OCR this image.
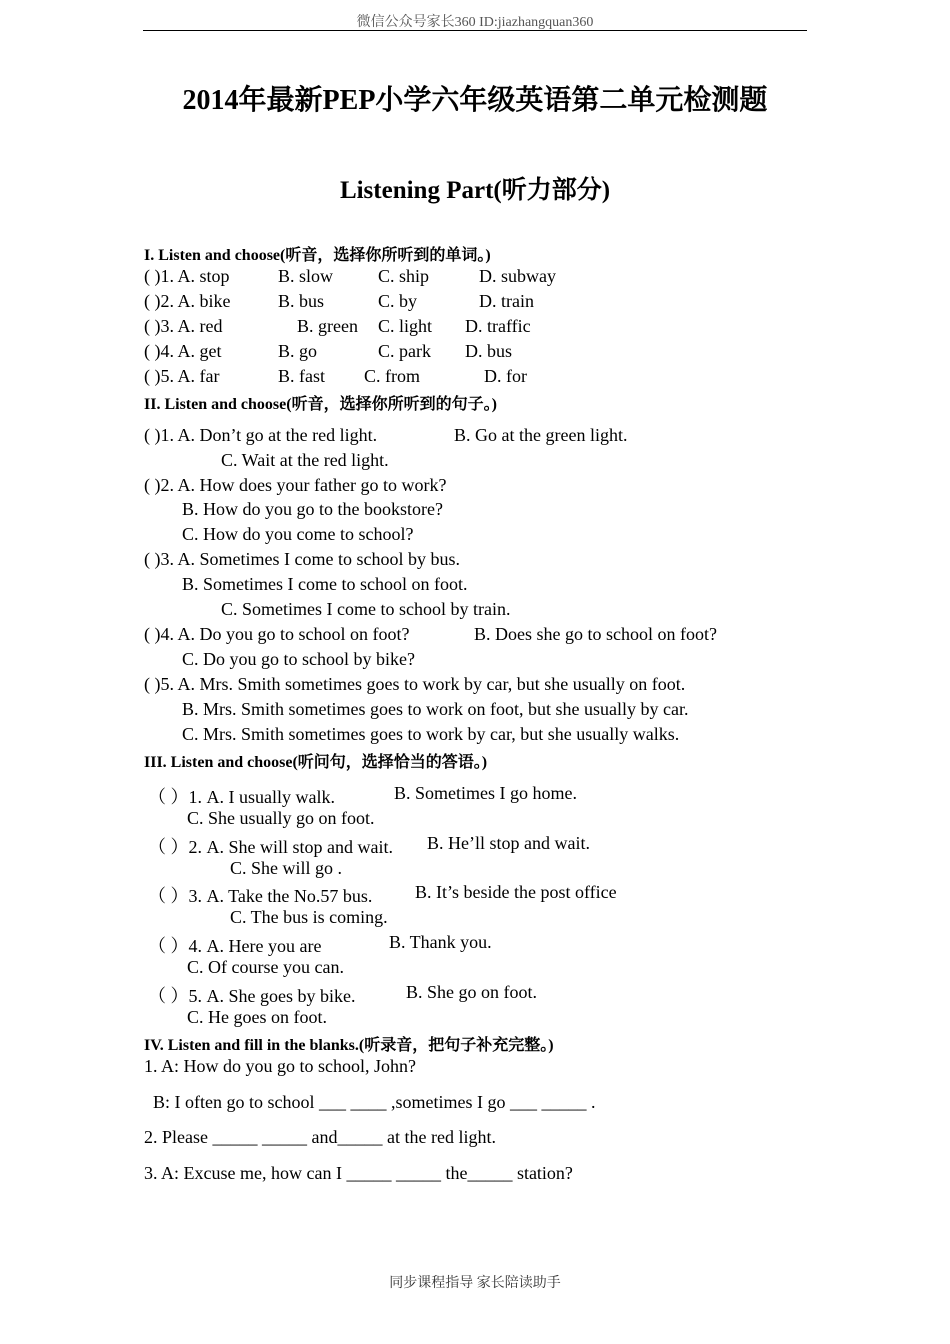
微信公众号家长360 ID:jiazhangquan360
2014年最新PEP小学六年级英语第二单元检测题
Listening Part(听力部分)
I. Listen and choose(听音，选择你所听到的单词。)
( )1. A. stop	B. slow C. ship	D. subway
( )2. A. bike	B. bus	C. by	D. train
( )3. A. red	B. green C. light D. traffic
( )4. A. get	B. go	C. park D. bus
( )5. A. far	B. fast C. from	D. for
II. Listen and choose(听音，选择你所听到的句子。)
( )1. A. Don’t go at the red light.	B. Go at the green light.
C. Wait at the red light.
( )2. A. How does your father go to work?
B. How do you go to the bookstore?
C. How do you come to school?
( )3. A. Sometimes I come to school by bus.
B. Sometimes I come to school on foot.
C. Sometimes I come to school by train.
( )4. A. Do you go to school on foot?	B. Does she go to school on foot?
C. Do you go to school by bike?
( )5. A. Mrs. Smith sometimes goes to work by car, but she usually on foot.
B. Mrs. Smith sometimes goes to work on foot, but she usually by car.
C. Mrs. Smith sometimes goes to work by car, but she usually walks.
III. Listen and choose(听问句，选择恰当的答语。)
（ ）1. A. I usually walk.	B. Sometimes I go home.
C. She usually go on foot.
（ ）2. A. She will stop and wait. B. He’ll stop and wait.
C. She will go .
（ ）3. A. Take the No.57 bus. B. It’s beside the post office
C. The bus is coming.
（ ）4. A. Here you are	B. Thank you.
C. Of course you can.
（ ）5. A. She goes by bike.	B. She go on foot.
C. He goes on foot.
IV. Listen and fill in the blanks.(听录音，把句子补充完整。)
1. A: How do you go to school, John?
B: I often go to school ___ ____ ,sometimes I go ___ _____ .
2. Please _____ _____ and_____ at the red light.
3. A: Excuse me, how can I _____ _____ the_____ station?
同步课程指导 家长陪读助手
